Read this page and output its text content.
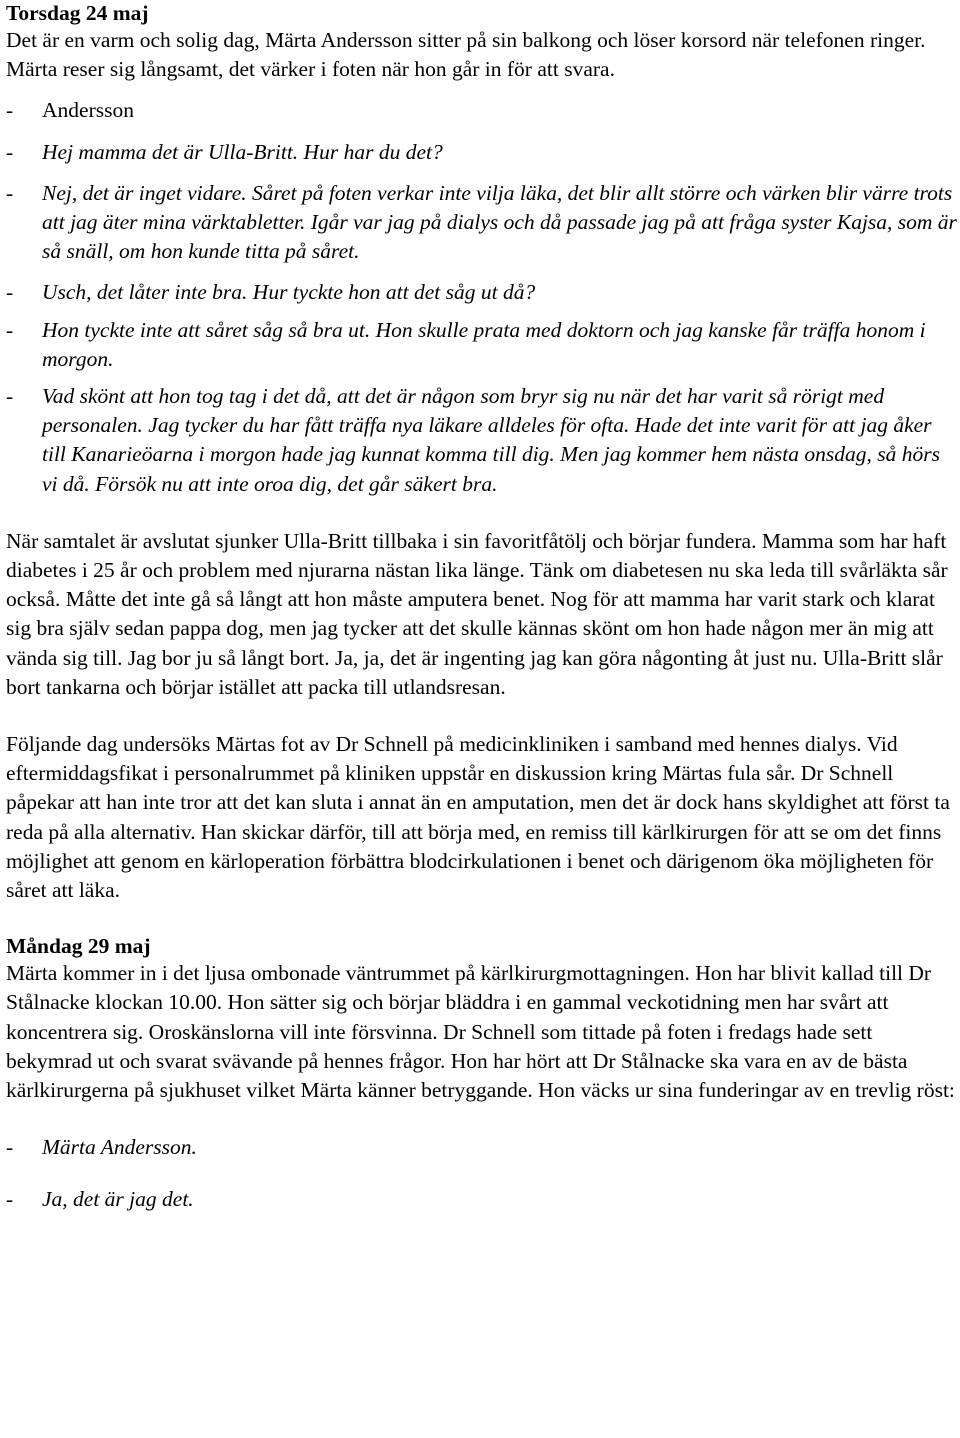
Torsdag 24 maj

Det är en varm och solig dag, Märta Andersson sitter på sin balkong och löser korsord när telefonen ringer. Märta reser sig långsamt, det värker i foten när hon går in för att svara.

- Andersson
- Hej mamma det är Ulla-Britt. Hur har du det?
- Nej, det är inget vidare. Såret på foten verkar inte vilja läka, det blir allt större och värken blir värre trots att jag äter mina värktabletter. Igår var jag på dialys och då passade jag på att fråga syster Kajsa, som är så snäll, om hon kunde titta på såret.
- Usch, det låter inte bra. Hur tyckte hon att det såg ut då?
- Hon tyckte inte att såret såg så bra ut. Hon skulle prata med doktorn och jag kanske får träffa honom i morgon.
- Vad skönt att hon tog tag i det då, att det är någon som bryr sig nu när det har varit så rörigt med personalen. Jag tycker du har fått träffa nya läkare alldeles för ofta. Hade det inte varit för att jag åker till Kanarieöarna i morgon hade jag kunnat komma till dig. Men jag kommer hem nästa onsdag, så hörs vi då. Försök nu att inte oroa dig, det går säkert bra.

När samtalet är avslutat sjunker Ulla-Britt tillbaka i sin favoritfåtölj och börjar fundera. Mamma som har haft diabetes i 25 år och problem med njurarna nästan lika länge. Tänk om diabetesen nu ska leda till svårläkta sår också. Måtte det inte gå så långt att hon måste amputera benet. Nog för att mamma har varit stark och klarat sig bra själv sedan pappa dog, men jag tycker att det skulle kännas skönt om hon hade någon mer än mig att vända sig till. Jag bor ju så långt bort. Ja, ja, det är ingenting jag kan göra någonting åt just nu. Ulla-Britt slår bort tankarna och börjar istället att packa till utlandsresan.

Följande dag undersöks Märtas fot av Dr Schnell på medicinkliniken i samband med hennes dialys. Vid eftermiddagsfikat i personalrummet på kliniken uppstår en diskussion kring Märtas fula sår. Dr Schnell påpekar att han inte tror att det kan sluta i annat än en amputation, men det är dock hans skyldighet att först ta reda på alla alternativ. Han skickar därför, till att börja med, en remiss till kärlkirurgen för att se om det finns möjlighet att genom en kärloperation förbättra blodcirkulationen i benet och därigenom öka möjligheten för såret att läka.

Måndag 29 maj

Märta kommer in i det ljusa ombonade väntrummet på kärlkirurgmottagningen. Hon har blivit kallad till Dr Stålnacke klockan 10.00. Hon sätter sig och börjar bläddra i en gammal veckotidning men har svårt att koncentrera sig. Oroskänslorna vill inte försvinna. Dr Schnell som tittade på foten i fredags hade sett bekymrad ut och svarat svävande på hennes frågor. Hon har hört att Dr Stålnacke ska vara en av de bästa kärlkirurgerna på sjukhuset vilket Märta känner betryggande. Hon väcks ur sina funderingar av en trevlig röst:

- Märta Andersson.
- Ja, det är jag det.
